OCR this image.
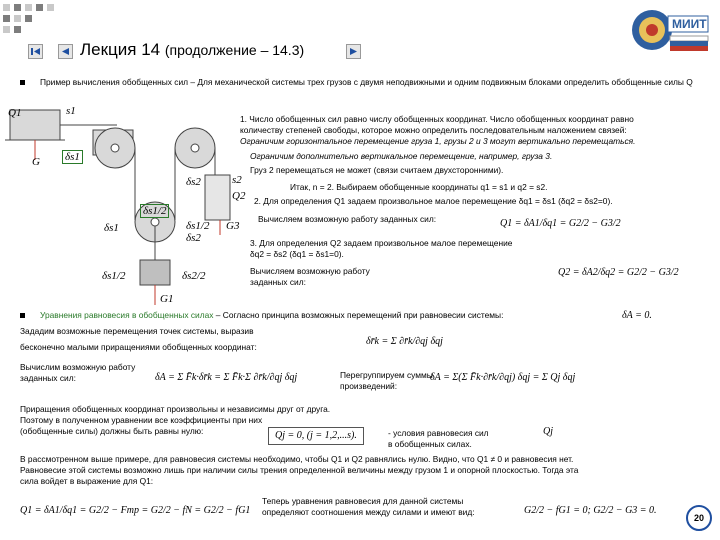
Лекция 14 (продолжение – 14.3)
МИИТ
Пример вычисления обобщенных сил – Для механической системы трех грузов с двумя неподвижными и одним подвижным блоками определить обобщенные силы Q
Q1	s1
G δs1
δs2	s2
Q2
δs1/2
δs1	δs1/2
δs2
G3
δs1/2	δs2/2
G1
1. Число обобщенных сил равно числу обобщенных координат. Число обобщенных координат равно
количеству степеней свободы, которое можно определить последовательным наложением связей:
Ограничим горизонтальное перемещение груза 1, грузы 2 и 3 могут вертикально перемещаться.
Ограничим дополнительно вертикальное перемещение, например, груза 3.
Груз 2 перемещаться не может (связи считаем двухсторонними).
Итак, n = 2. Выбираем обобщенные координаты q1 = s1 и q2 = s2.
2. Для определения Q1 задаем произвольное малое перемещение δq1 = δs1 (δq2 = δs2=0).
Вычисляем возможную работу заданных сил:
3. Для определения Q2 задаем произвольное малое перемещение
δq2 = δs2 (δq1 = δs1=0).
Вычисляем возможную работу
заданных сил:
Q1 = δA1/δq1 = G2/2 − G3/2
Q2 = δA2/δq2 = G2/2 − G3/2
Уравнения равновесия в обобщенных силах – Согласно принципа возможных перемещений при равновесии системы:	δA = 0.
Зададим возможные перемещения точек системы, выразив
бесконечно малыми приращениями обобщенных координат:	δr̄k = Σ ∂r̄k/∂qj δqj
Вычислим возможную работу
заданных сил:	δA = Σ F̄k·δr̄k = Σ F̄k·Σ ∂r̄k/∂qj δqj	Перегруппируем суммы
произведений:
δA = Σ(Σ F̄k·∂r̄k/∂qj) δqj = Σ Qj δqj
Приращения обобщенных координат произвольны и независимы друг от друга.
Поэтому в полученном уравнении все коэффициенты при них
(обобщенные силы) должны быть равны нулю:	Qj = 0, (j = 1,2,...s).	- условия равновесия сил
в обобщенных силах.
Qj
В рассмотренном выше примере, для равновесия системы необходимо, чтобы Q1 и Q2 равнялись нулю. Видно, что Q1 ≠ 0 и равновесия нет.
Равновесие этой системы возможно лишь при наличии силы трения определенной величины между грузом 1 и опорной плоскостью. Тогда эта
сила войдет в выражение для Q1:
Q1 = δA1/δq1 = G2/2 − Fтр = G2/2 − fN = G2/2 − fG1
Теперь уравнения равновесия для данной системы
определяют соотношения между силами и имеют вид:	G2/2 − fG1 = 0; G2/2 − G3 = 0.
20
